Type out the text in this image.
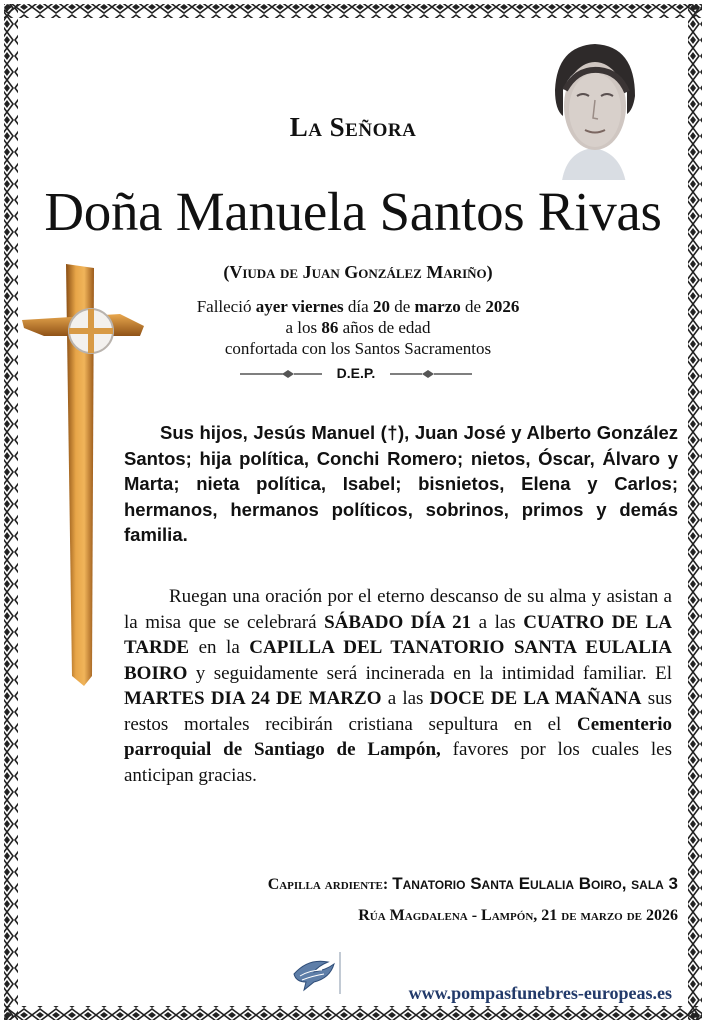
La Señora
Doña Manuela Santos Rivas
(Viuda de Juan González Mariño)

Falleció ayer viernes día 20 de marzo de 2026

a los 86 años de edad

confortada con los Santos Sacramentos

D.E.P.

Sus hijos, Jesús Manuel (†), Juan José y Alberto González Santos; hija política, Conchi Romero; nietos, Óscar, Álvaro y Marta; nieta política, Isabel; bisnietos, Elena y Carlos; hermanos, hermanos políticos, sobrinos, primos y demás familia.

Ruegan una oración por el eterno descanso de su alma y asistan a la misa que se celebrará SÁBADO DÍA 21 a las CUATRO DE LA TARDE en la CAPILLA DEL TANATORIO SANTA EULALIA BOIRO y seguidamente será incinerada en la intimidad familiar. El MARTES DIA 24 DE MARZO a las DOCE DE LA MAÑANA sus restos mortales recibirán cristiana sepultura en el Cementerio parroquial de Santiago de Lampón, favores por los cuales les anticipan gracias.

Capilla ardiente: Tanatorio Santa Eulalia Boiro, sala 3
Rúa Magdalena - Lampón, 21 de marzo de 2026
www.pompasfunebres-europeas.es
